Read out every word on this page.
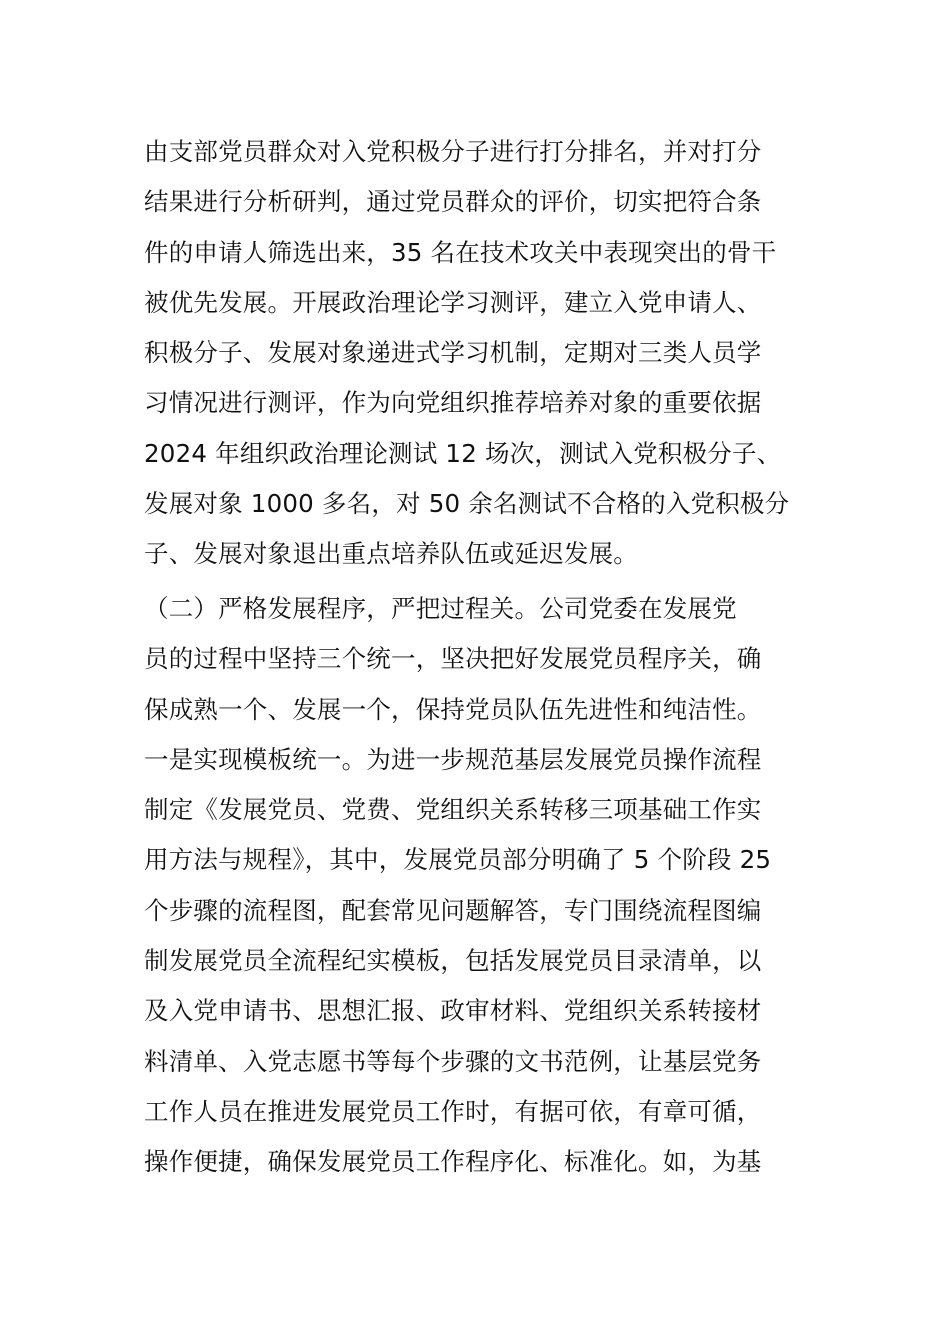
由支部党员群众对入党积极分子进行打分排名，并对打分
结果进行分析研判，通过党员群众的评价，切实把符合条
件的申请人筛选出来，35 名在技术攻关中表现突出的骨干
被优先发展。开展政治理论学习测评，建立入党申请人、
积极分子、发展对象递进式学习机制，定期对三类人员学
习情况进行测评，作为向党组织推荐培养对象的重要依据
2024 年组织政治理论测试 12 场次，测试入党积极分子、
发展对象 1000 多名，对 50 余名测试不合格的入党积极分
子、发展对象退出重点培养队伍或延迟发展。
（二）严格发展程序，严把过程关。公司党委在发展党
员的过程中坚持三个统一，坚决把好发展党员程序关，确
保成熟一个、发展一个，保持党员队伍先进性和纯洁性。
一是实现模板统一。为进一步规范基层发展党员操作流程
制定《发展党员、党费、党组织关系转移三项基础工作实
用方法与规程》，其中，发展党员部分明确了 5 个阶段 25
个步骤的流程图，配套常见问题解答，专门围绕流程图编
制发展党员全流程纪实模板，包括发展党员目录清单，以
及入党申请书、思想汇报、政审材料、党组织关系转接材
料清单、入党志愿书等每个步骤的文书范例，让基层党务
工作人员在推进发展党员工作时，有据可依，有章可循，
操作便捷，确保发展党员工作程序化、标准化。如，为基
